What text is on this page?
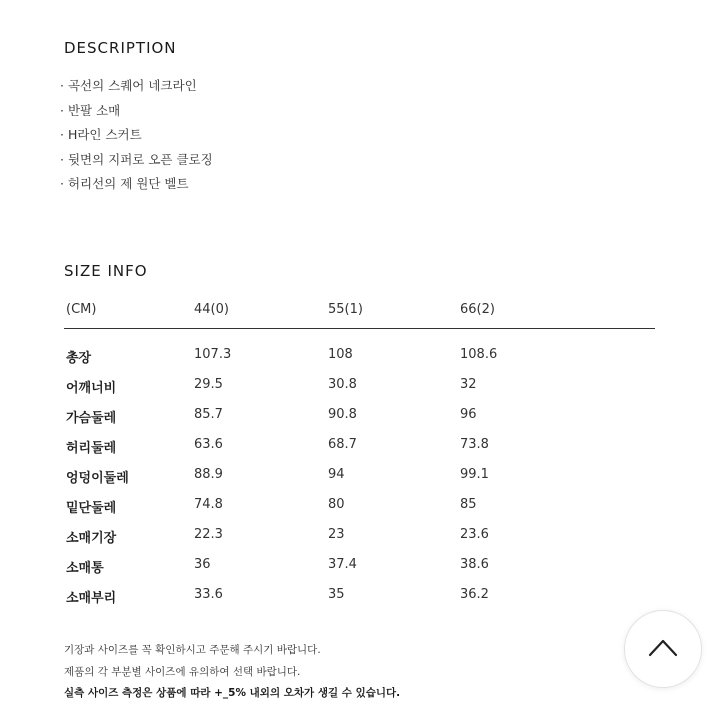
DESCRIPTION
· 곡선의 스퀘어 네크라인
· 반팔 소매
· H라인 스커트
· 뒷면의 지퍼로 오픈 클로징
· 허리선의 제 원단 벨트
SIZE INFO
(CM)	44(0)	55(1)	66(2)
총장	107.3	108	108.6
어깨너비	29.5	30.8	32
가슴둘레	85.7	90.8	96
허리둘레	63.6	68.7	73.8
엉덩이둘레	88.9	94	99.1
밑단둘레	74.8	80	85
소매기장	22.3	23	23.6
소매통	36	37.4	38.6
소매부리	33.6	35	36.2
기장과 사이즈를 꼭 확인하시고 주문해 주시기 바랍니다.
제품의 각 부분별 사이즈에 유의하여 선택 바랍니다.
실측 사이즈 측정은 상품에 따라 +_5% 내외의 오차가 생길 수 있습니다.
